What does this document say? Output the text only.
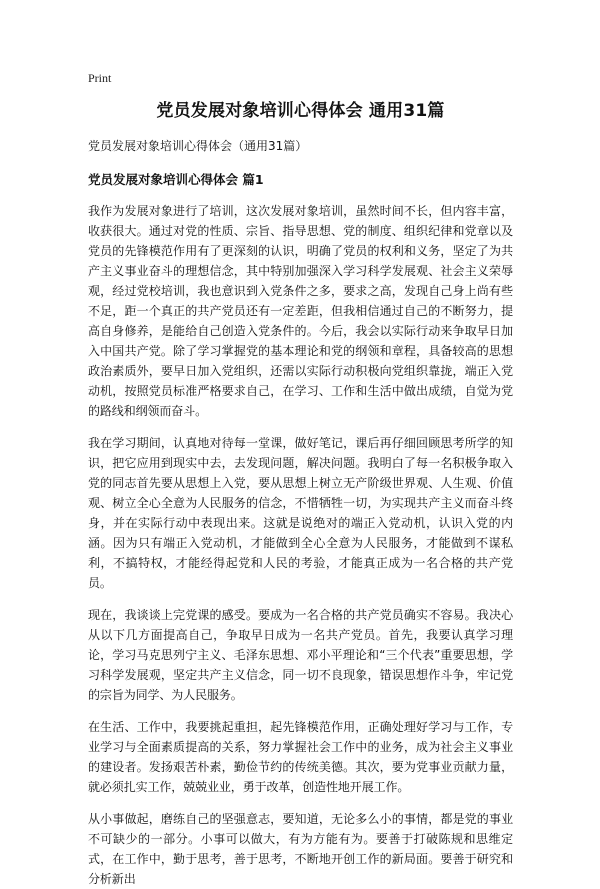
Print
党员发展对象培训心得体会 通用31篇
党员发展对象培训心得体会（通用31篇）
党员发展对象培训心得体会 篇1

我作为发展对象进行了培训，这次发展对象培训，虽然时间不长，但内容丰富，收获很大。通过对党的性质、宗旨、指导思想、党的制度、组织纪律和党章以及党员的先锋模范作用有了更深刻的认识，明确了党员的权利和义务，坚定了为共产主义事业奋斗的理想信念，其中特别加强深入学习科学发展观、社会主义荣辱观，经过党校培训，我也意识到入党条件之多，要求之高，发现自己身上尚有些不足，距一个真正的共产党员还有一定差距，但我相信通过自己的不断努力，提高自身修养，是能给自己创造入党条件的。今后，我会以实际行动来争取早日加入中国共产党。除了学习掌握党的基本理论和党的纲领和章程，具备较高的思想政治素质外，要早日加入党组织，还需以实际行动积极向党组织靠拢，端正入党动机，按照党员标准严格要求自己，在学习、工作和生活中做出成绩，自觉为党的路线和纲领而奋斗。

我在学习期间，认真地对待每一堂课，做好笔记，课后再仔细回顾思考所学的知识，把它应用到现实中去，去发现问题，解决问题。我明白了每一名积极争取入党的同志首先要从思想上入党，要从思想上树立无产阶级世界观、人生观、价值观、树立全心全意为人民服务的信念，不惜牺牲一切，为实现共产主义而奋斗终身，并在实际行动中表现出来。这就是说绝对的端正入党动机，认识入党的内涵。因为只有端正入党动机，才能做到全心全意为人民服务，才能做到不谋私利，不搞特权，才能经得起党和人民的考验，才能真正成为一名合格的共产党员。

现在，我谈谈上完党课的感受。要成为一名合格的共产党员确实不容易。我决心从以下几方面提高自己，争取早日成为一名共产党员。首先，我要认真学习理论，学习马克思列宁主义、毛泽东思想、邓小平理论和“三个代表”重要思想，学习科学发展观，坚定共产主义信念，同一切不良现象，错误思想作斗争，牢记党的宗旨为同学、为人民服务。

在生活、工作中，我要挑起重担，起先锋模范作用，正确处理好学习与工作，专业学习与全面素质提高的关系，努力掌握社会工作中的业务，成为社会主义事业的建设者。发扬艰苦朴素，勤俭节约的传统美德。其次，要为党事业贡献力量，就必须扎实工作，兢兢业业，勇于改革，创造性地开展工作。

从小事做起，磨练自己的坚强意志，要知道，无论多么小的事情，都是党的事业不可缺少的一部分。小事可以做大，有为方能有为。要善于打破陈规和思维定式，在工作中，勤于思考，善于思考，不断地开创工作的新局面。要善于研究和分析新出
